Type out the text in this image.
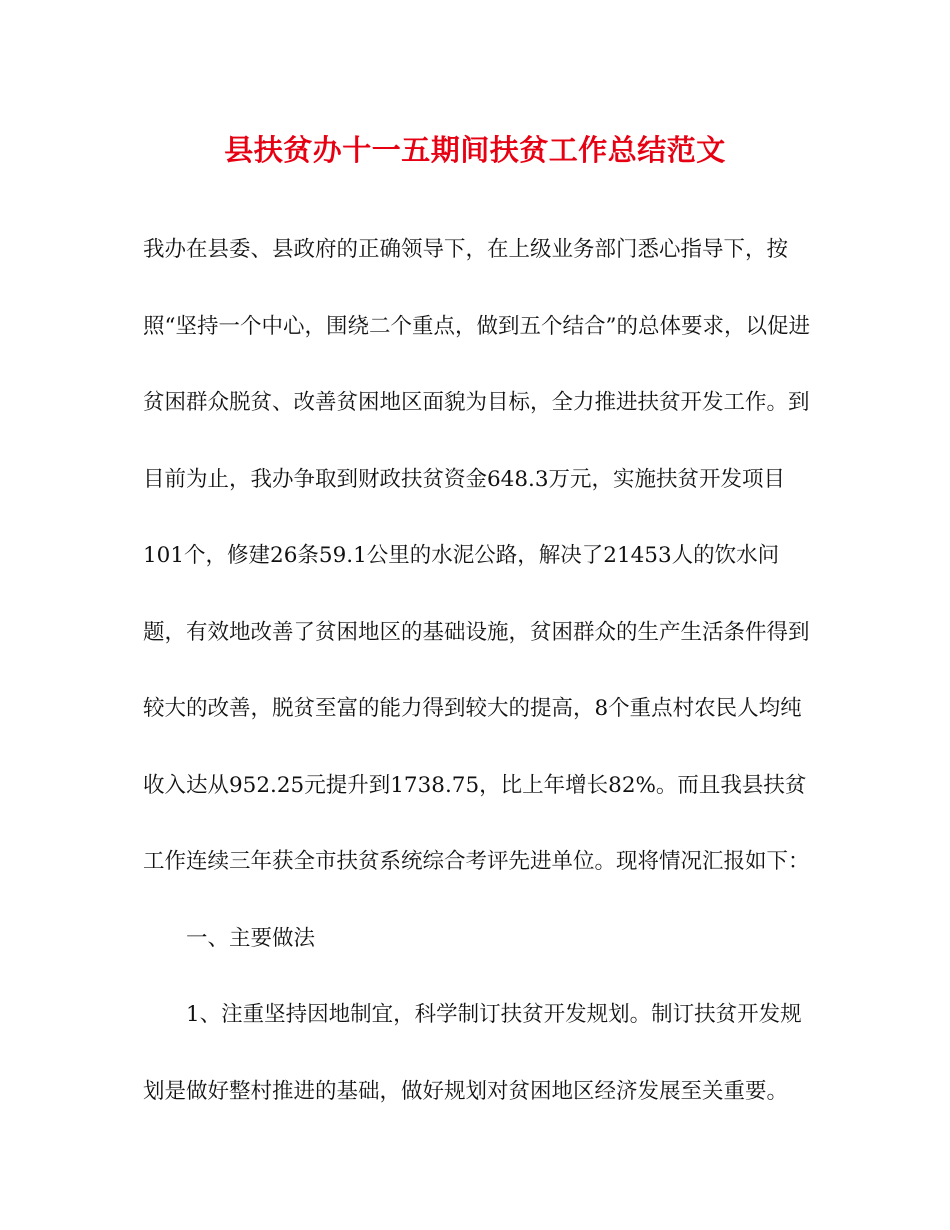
县扶贫办十一五期间扶贫工作总结范文

我办在县委、县政府的正确领导下，在上级业务部门悉心指导下，按照“坚持一个中心，围绕二个重点，做到五个结合”的总体要求，以促进贫困群众脱贫、改善贫困地区面貌为目标，全力推进扶贫开发工作。到目前为止，我办争取到财政扶贫资金648.3万元，实施扶贫开发项目101个，修建26条59.1公里的水泥公路，解决了21453人的饮水问题，有效地改善了贫困地区的基础设施，贫困群众的生产生活条件得到较大的改善，脱贫至富的能力得到较大的提高，8个重点村农民人均纯收入达从952.25元提升到1738.75，比上年增长82%。而且我县扶贫工作连续三年获全市扶贫系统综合考评先进单位。现将情况汇报如下：

一、主要做法

1、注重坚持因地制宜，科学制订扶贫开发规划。制订扶贫开发规划是做好整村推进的基础，做好规划对贫困地区经济发展至关重要。
